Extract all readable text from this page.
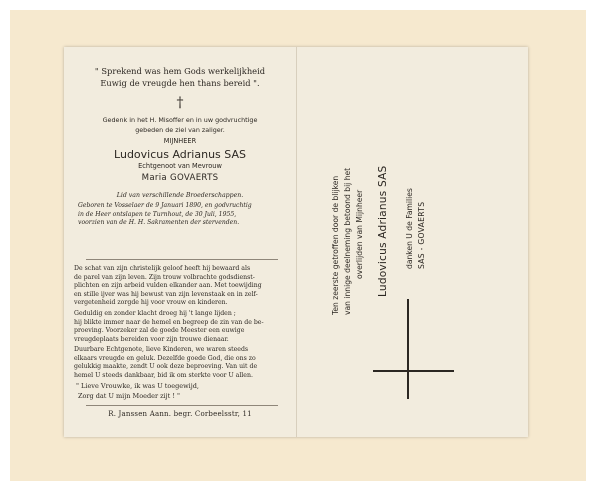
" Sprekend was hem Gods werkelijkheid
Euwig de vreugde hen thans bereid ".
†
Gedenk in het H. Misoffer en in uw godvruchtige
gebeden de ziel van zaliger.
MIJNHEER
Ludovicus Adrianus SAS
Echtgenoot van Mevrouw
Maria GOVAERTS
Lid van verschillende Broederschappen.
Geboren te Vosselaer de 9 Januari 1890, en godvruchtig
in de Heer ontslapen te Turnhout, de 30 Juli, 1955,
voorzien van de H. H. Sakramenten der stervenden.
De schat van zijn christelijk geloof heeft hij bewaard als
de parel van zijn leven. Zijn trouw volbrachte godsdienst-
plichten en zijn arbeid vulden elkander aan. Met toewijding
en stille ijver was hij bewust van zijn levenstaak en in zelf-
vergetenheid zorgde hij voor vrouw en kinderen.
Geduldig en zonder klacht droeg hij 't lange lijden ;
hij blikte immer naar de hemel en begreep de zin van de be-
proeving. Voorzeker zal de goede Meester een euwige
vreugdeplaats bereiden voor zijn trouwe dienaar.
Duurbare Echtgenote, lieve Kinderen, we waren steeds
elkaars vreugde en geluk. Dezelfde goede God, die ons zo
gelukkig maakte, zendt U ook deze beproeving. Van uit de
hemel U steeds dankbaar, bid ik om sterkte voor U allen.
" Lieve Vrouwke, ik was U toegewijd,
Zorg dat U mijn Moeder zijt ! "
R. Janssen Aann. begr. Corbeelsstr, 11
Ten zeerste getroffen door de blijken van innige deelneming betoond bij het overlijden van Mijnheer Ludovicus Adrianus SAS danken U de Families SAS - GOVAERTS
